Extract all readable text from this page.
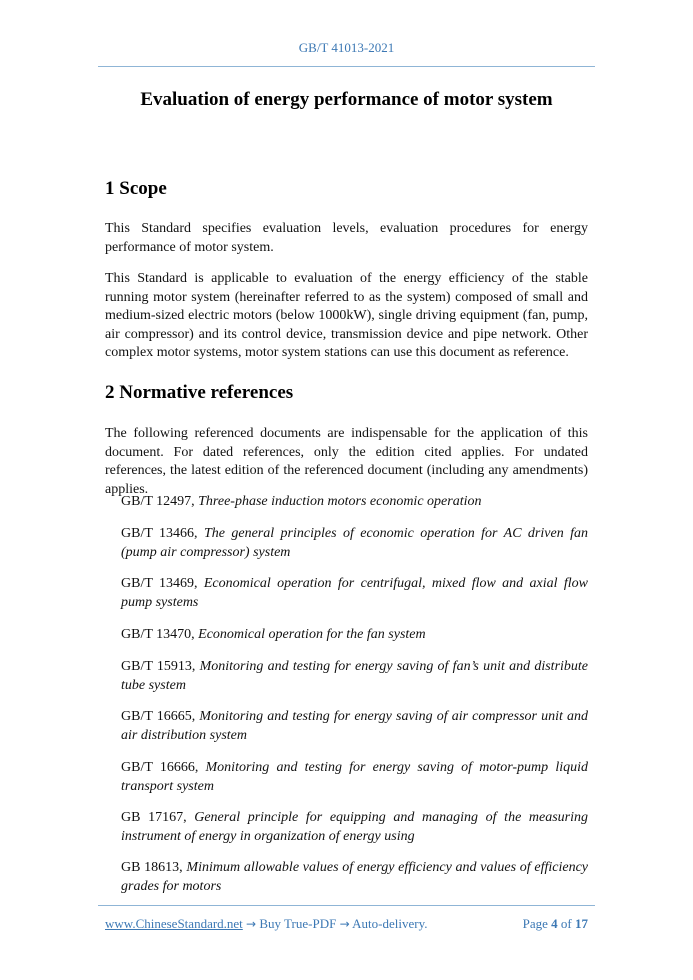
GB/T 41013-2021
Evaluation of energy performance of motor system
1 Scope
This Standard specifies evaluation levels, evaluation procedures for energy performance of motor system.
This Standard is applicable to evaluation of the energy efficiency of the stable running motor system (hereinafter referred to as the system) composed of small and medium-sized electric motors (below 1000kW), single driving equipment (fan, pump, air compressor) and its control device, transmission device and pipe network. Other complex motor systems, motor system stations can use this document as reference.
2 Normative references
The following referenced documents are indispensable for the application of this document. For dated references, only the edition cited applies. For undated references, the latest edition of the referenced document (including any amendments) applies.
GB/T 12497, Three-phase induction motors economic operation
GB/T 13466, The general principles of economic operation for AC driven fan (pump air compressor) system
GB/T 13469, Economical operation for centrifugal, mixed flow and axial flow pump systems
GB/T 13470, Economical operation for the fan system
GB/T 15913, Monitoring and testing for energy saving of fan’s unit and distribute tube system
GB/T 16665, Monitoring and testing for energy saving of air compressor unit and air distribution system
GB/T 16666, Monitoring and testing for energy saving of motor-pump liquid transport system
GB 17167, General principle for equipping and managing of the measuring instrument of energy in organization of energy using
GB 18613, Minimum allowable values of energy efficiency and values of efficiency grades for motors
www.ChineseStandard.net → Buy True-PDF → Auto-delivery.	Page 4 of 17
